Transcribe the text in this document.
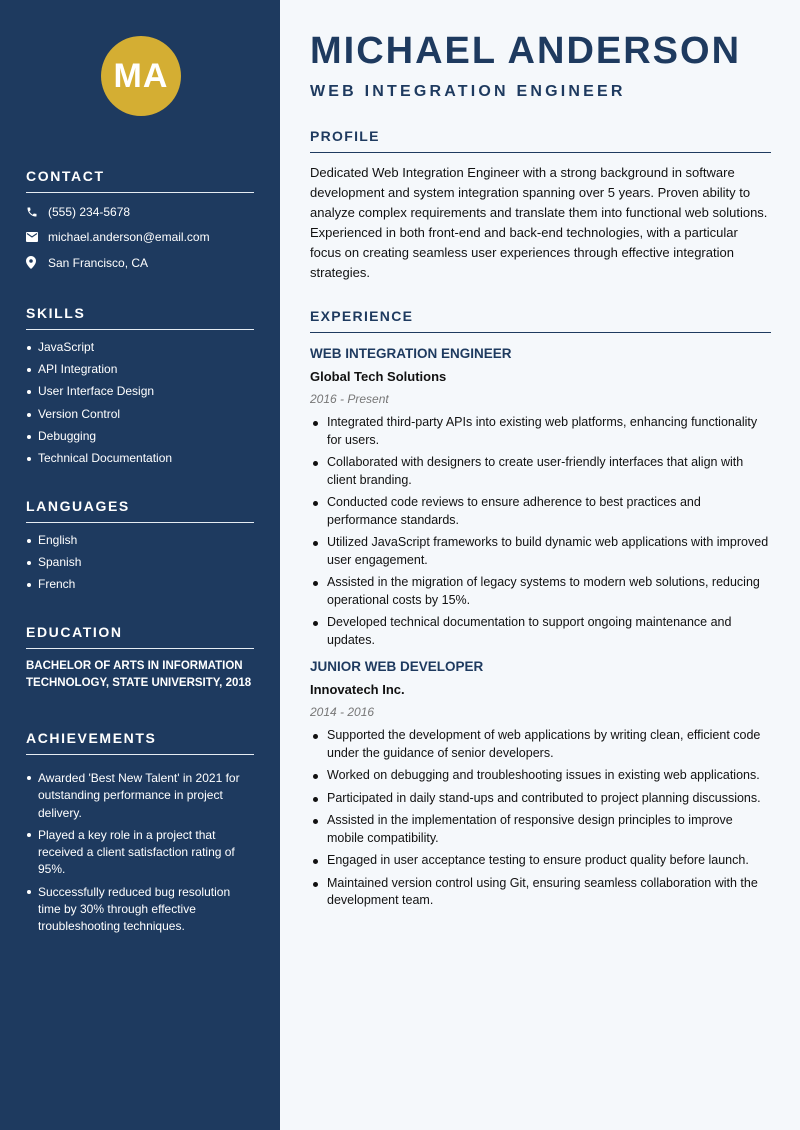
MA
CONTACT
(555) 234-5678
michael.anderson@email.com
San Francisco, CA
SKILLS
JavaScript
API Integration
User Interface Design
Version Control
Debugging
Technical Documentation
LANGUAGES
English
Spanish
French
EDUCATION
BACHELOR OF ARTS IN INFORMATION TECHNOLOGY, STATE UNIVERSITY, 2018
ACHIEVEMENTS
Awarded 'Best New Talent' in 2021 for outstanding performance in project delivery.
Played a key role in a project that received a client satisfaction rating of 95%.
Successfully reduced bug resolution time by 30% through effective troubleshooting techniques.
MICHAEL ANDERSON
WEB INTEGRATION ENGINEER
PROFILE

Dedicated Web Integration Engineer with a strong background in software development and system integration spanning over 5 years. Proven ability to analyze complex requirements and translate them into functional web solutions. Experienced in both front-end and back-end technologies, with a particular focus on creating seamless user experiences through effective integration strategies.

EXPERIENCE
WEB INTEGRATION ENGINEER

Global Tech Solutions

2016 - Present

Integrated third-party APIs into existing web platforms, enhancing functionality for users.
Collaborated with designers to create user-friendly interfaces that align with client branding.
Conducted code reviews to ensure adherence to best practices and performance standards.
Utilized JavaScript frameworks to build dynamic web applications with improved user engagement.
Assisted in the migration of legacy systems to modern web solutions, reducing operational costs by 15%.
Developed technical documentation to support ongoing maintenance and updates.
JUNIOR WEB DEVELOPER

Innovatech Inc.

2014 - 2016

Supported the development of web applications by writing clean, efficient code under the guidance of senior developers.
Worked on debugging and troubleshooting issues in existing web applications.
Participated in daily stand-ups and contributed to project planning discussions.
Assisted in the implementation of responsive design principles to improve mobile compatibility.
Engaged in user acceptance testing to ensure product quality before launch.
Maintained version control using Git, ensuring seamless collaboration with the development team.
